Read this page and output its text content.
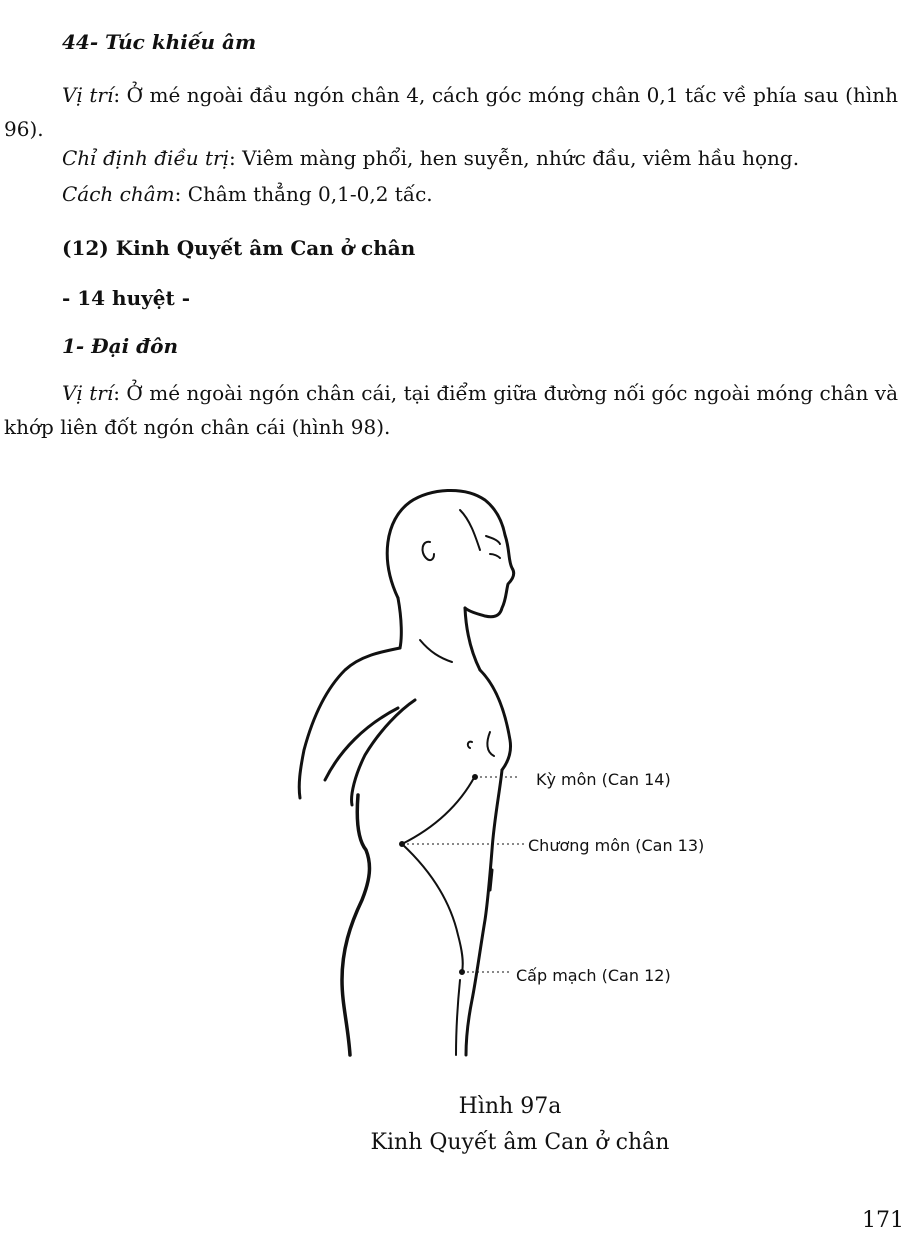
44- Túc khiếu âm
Vị trí: Ở mé ngoài đầu ngón chân 4, cách góc móng chân 0,1 tấc về phía sau (hình 96).
Chỉ định điều trị: Viêm màng phổi, hen suyễn, nhức đầu, viêm hầu họng.
Cách châm: Châm thẳng 0,1-0,2 tấc.
(12) Kinh Quyết âm Can ở chân
- 14 huyệt -
1- Đại đôn
Vị trí: Ở mé ngoài ngón chân cái, tại điểm giữa đường nối góc ngoài móng chân và khớp liên đốt ngón chân cái (hình 98).
Kỳ môn (Can 14)
Chương môn (Can 13)
Cấp mạch (Can 12)
Hình 97a
Kinh Quyết âm Can ở chân
171
